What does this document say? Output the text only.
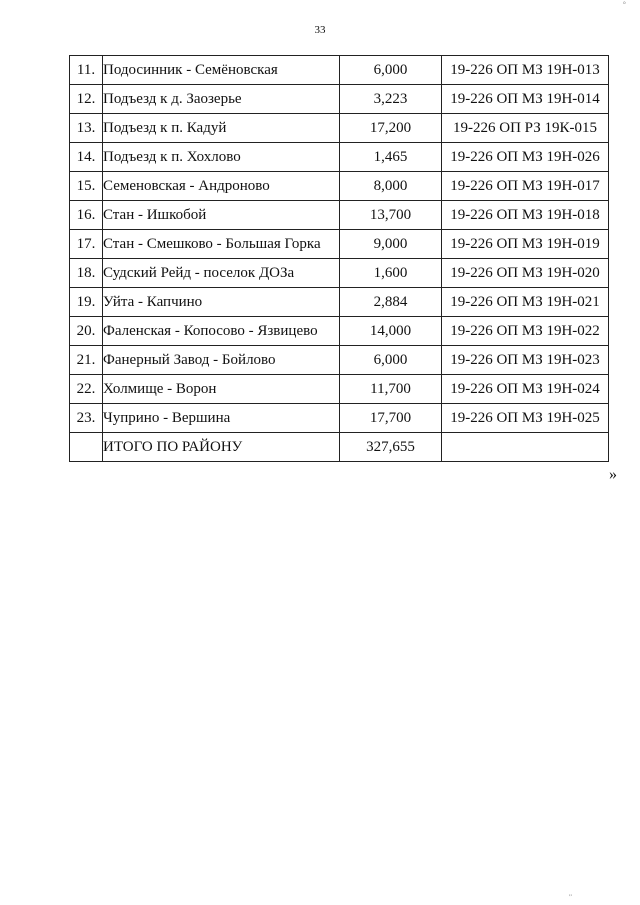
33
°
11.	Подосинник - Семёновская	6,000	19-226 ОП МЗ 19Н-013
12.	Подъезд к д. Заозерье	3,223	19-226 ОП МЗ 19Н-014
13.	Подъезд к п. Кадуй	17,200	19-226 ОП РЗ 19К-015
14.	Подъезд к п. Хохлово	1,465	19-226 ОП МЗ 19Н-026
15.	Семеновская - Андроново	8,000	19-226 ОП МЗ 19Н-017
16.	Стан - Ишкобой	13,700	19-226 ОП МЗ 19Н-018
17.	Стан - Смешково - Большая Горка	9,000	19-226 ОП МЗ 19Н-019
18.	Судский Рейд - поселок ДОЗа	1,600	19-226 ОП МЗ 19Н-020
19.	Уйта - Капчино	2,884	19-226 ОП МЗ 19Н-021
20.	Фаленская - Копосово - Язвицево	14,000	19-226 ОП МЗ 19Н-022
21.	Фанерный Завод - Бойлово	6,000	19-226 ОП МЗ 19Н-023
22.	Холмище - Ворон	11,700	19-226 ОП МЗ 19Н-024
23.	Чуприно - Вершина	17,700	19-226 ОП МЗ 19Н-025
	ИТОГО ПО РАЙОНУ	327,655	
»
,,
